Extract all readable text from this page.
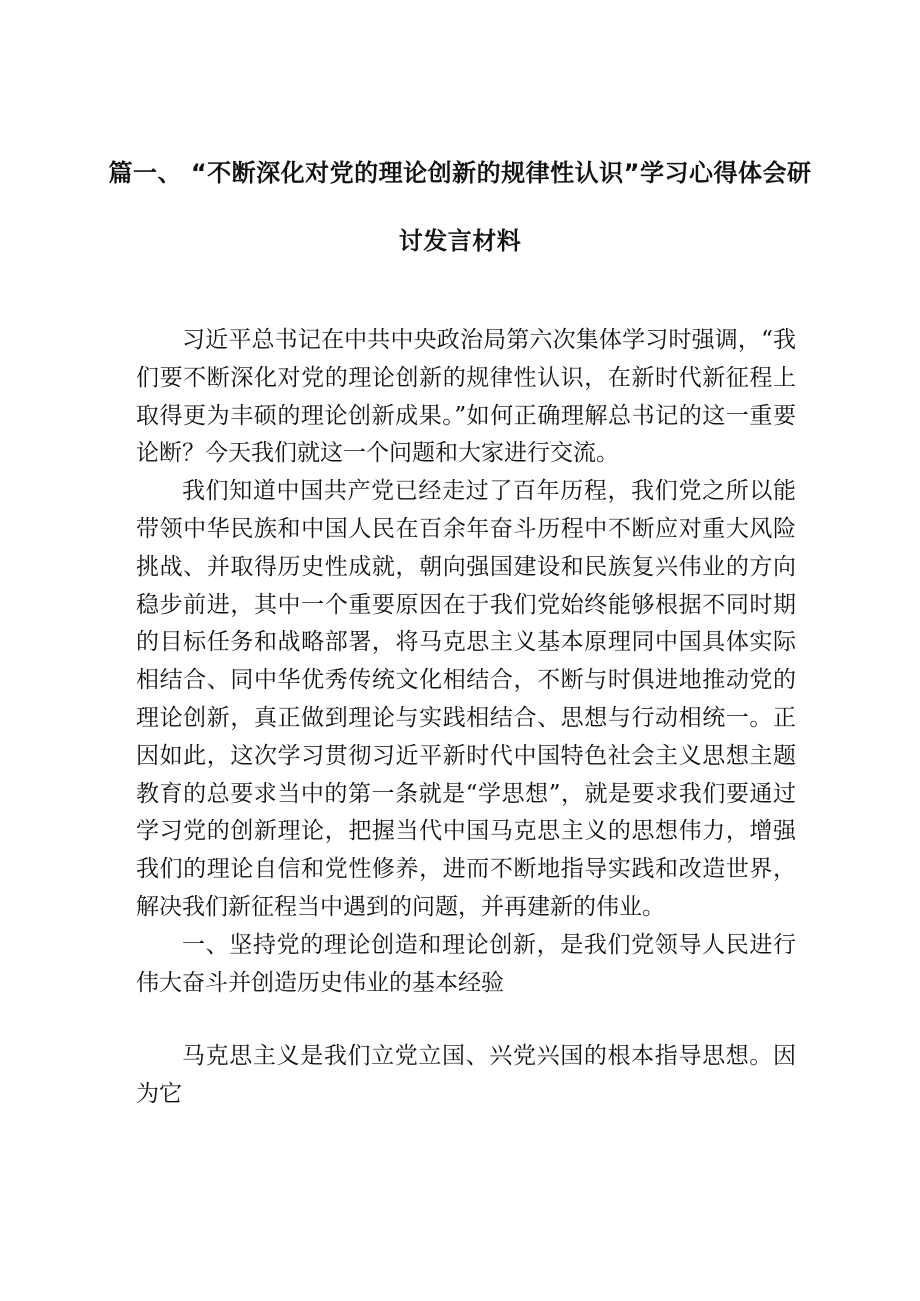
篇一、 “不断深化对党的理论创新的规律性认识”学习心得体会研
讨发言材料

习近平总书记在中共中央政治局第六次集体学习时强调，“我们要不断深化对党的理论创新的规律性认识，在新时代新征程上取得更为丰硕的理论创新成果。”如何正确理解总书记的这一重要论断？今天我们就这一个问题和大家进行交流。

我们知道中国共产党已经走过了百年历程，我们党之所以能带领中华民族和中国人民在百余年奋斗历程中不断应对重大风险挑战、并取得历史性成就，朝向强国建设和民族复兴伟业的方向稳步前进，其中一个重要原因在于我们党始终能够根据不同时期的目标任务和战略部署，将马克思主义基本原理同中国具体实际相结合、同中华优秀传统文化相结合，不断与时俱进地推动党的理论创新，真正做到理论与实践相结合、思想与行动相统一。正因如此，这次学习贯彻习近平新时代中国特色社会主义思想主题教育的总要求当中的第一条就是“学思想”，就是要求我们要通过学习党的创新理论，把握当代中国马克思主义的思想伟力，增强我们的理论自信和党性修养，进而不断地指导实践和改造世界，解决我们新征程当中遇到的问题，并再建新的伟业。

一、坚持党的理论创造和理论创新，是我们党领导人民进行伟大奋斗并创造历史伟业的基本经验

马克思主义是我们立党立国、兴党兴国的根本指导思想。因为它
